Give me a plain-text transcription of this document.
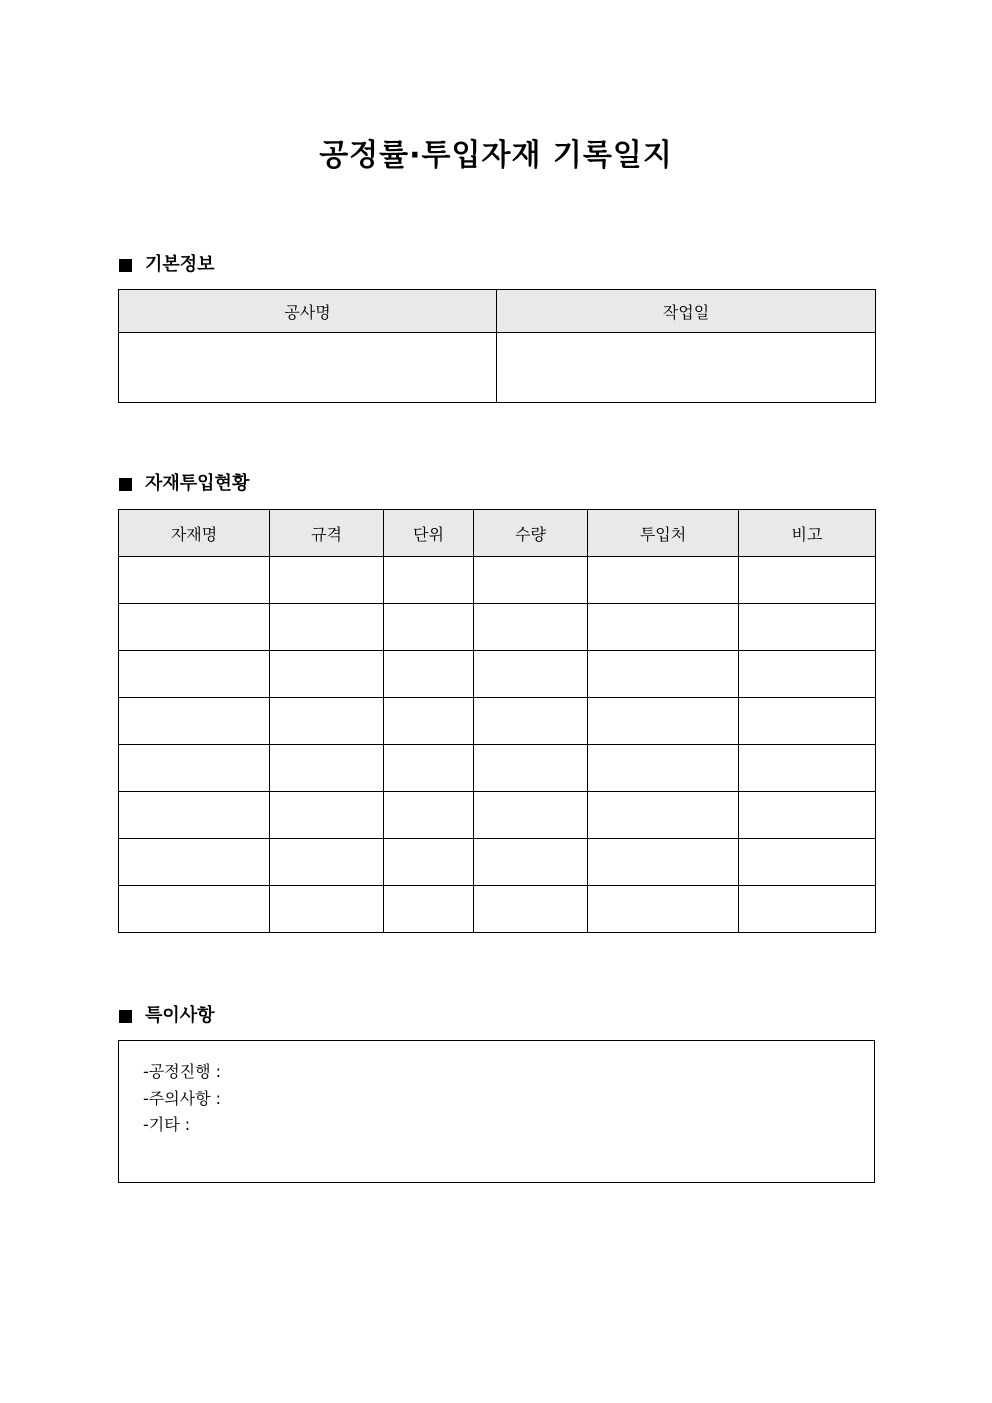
공정률·투입자재 기록일지
기본정보
공사명	작업일

자재투입현황
자재명	규격	단위	수량	투입처	비고

특이사항
-공정진행 :
-주의사항 :
-기타 :
